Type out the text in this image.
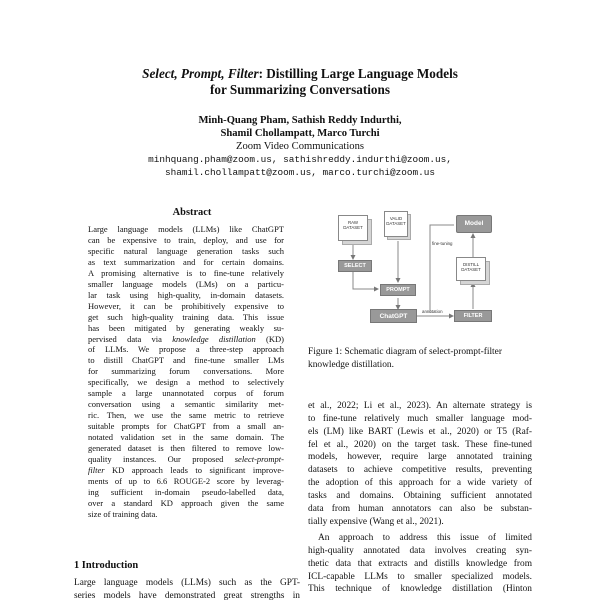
Select, Prompt, Filter: Distilling Large Language Models
for Summarizing Conversations
Minh-Quang Pham, Sathish Reddy Indurthi,
Shamil Chollampatt, Marco Turchi
Zoom Video Communications
minhquang.pham@zoom.us, sathishreddy.indurthi@zoom.us,
shamil.chollampatt@zoom.us, marco.turchi@zoom.us
Abstract
Large language models (LLMs) like ChatGPT
can be expensive to train, deploy, and use for
specific natural language generation tasks such
as text summarization and for certain domains.
A promising alternative is to fine-tune relatively
smaller language models (LMs) on a particu-
lar task using high-quality, in-domain datasets.
However, it can be prohibitively expensive to
get such high-quality training data. This issue
has been mitigated by generating weakly su-
pervised data via knowledge distillation (KD)
of LLMs. We propose a three-step approach
to distill ChatGPT and fine-tune smaller LMs
for summarizing forum conversations. More
specifically, we design a method to selectively
sample a large unannotated corpus of forum
conversation using a semantic similarity met-
ric. Then, we use the same metric to retrieve
suitable prompts for ChatGPT from a small an-
notated validation set in the same domain. The
generated dataset is then filtered to remove low-
quality instances. Our proposed select-prompt-
filter KD approach leads to significant improve-
ments of up to 6.6 ROUGE-2 score by leverag-
ing sufficient in-domain pseudo-labelled data,
over a standard KD approach given the same
size of training data.
1 Introduction
Large language models (LLMs) such as the GPT-
series models have demonstrated great strengths in
RAW
DATASET
VALID
DATASET	Model
fine-tuning
DISTILL
DATASET
SELECT
PROMPT
ChatGPT
annotation
FILTER
Figure 1: Schematic diagram of select-prompt-filter
knowledge distillation.
et al., 2022; Li et al., 2023). An alternate strategy is
to fine-tune relatively much smaller language mod-
els (LM) like BART (Lewis et al., 2020) or T5 (Raf-
fel et al., 2020) on the target task. These fine-tuned
models, however, require large annotated training
datasets to achieve competitive results, preventing
the adoption of this approach for a wide variety of
tasks and domains. Obtaining sufficient annotated
data from human annotators can also be substan-
tially expensive (Wang et al., 2021).
An approach to address this issue of limited
high-quality annotated data involves creating syn-
thetic data that extracts and distills knowledge from
ICL-capable LLMs to smaller specialized models.
This technique of knowledge distillation (Hinton
